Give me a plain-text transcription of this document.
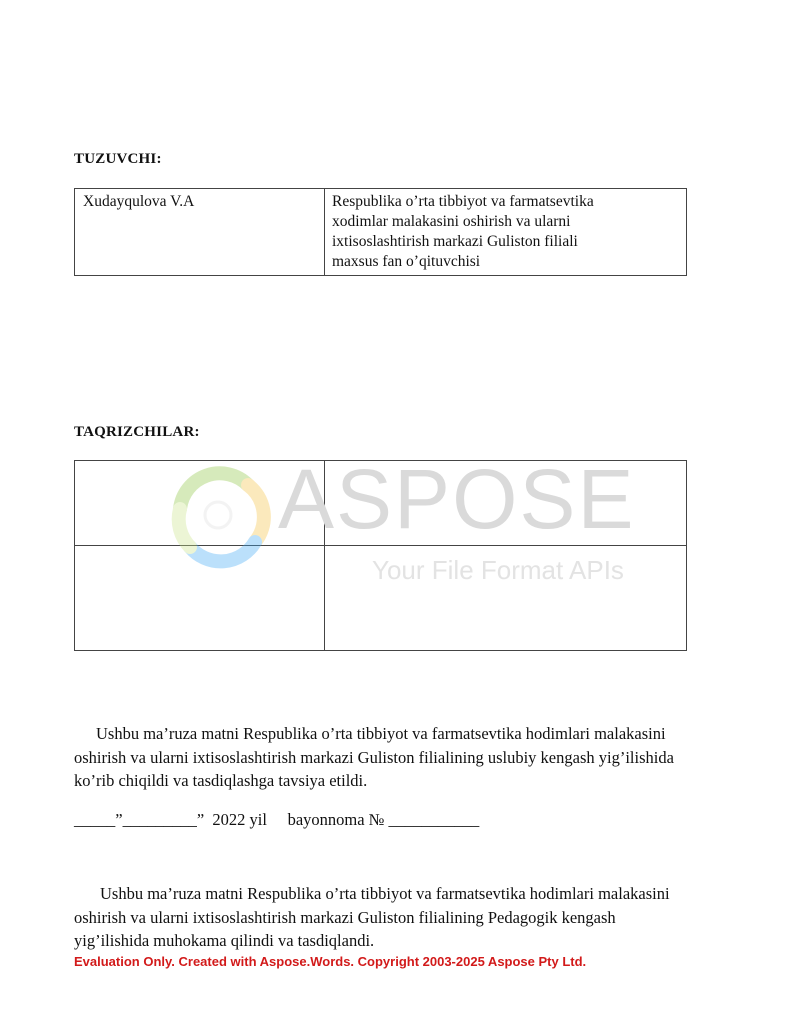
TUZUVCHI:
Xudayqulova V.A	Respublika o’rta tibbiyot va farmatsevtika
xodimlar malakasini oshirish va ularni
ixtisoslashtirish markazi Guliston filiali
maxsus fan o’qituvchisi
TAQRIZCHILAR:

ASPOSE
Your File Format APIs
Ushbu ma’ruza matni Respublika o’rta tibbiyot va farmatsevtika hodimlari malakasini
oshirish va ularni ixtisoslashtirish markazi Guliston filialining uslubiy kengash yig’ilishida
ko’rib chiqildi va tasdiqlashga tavsiya etildi.
_____”_________”  2022 yil     bayonnoma № ___________
Ushbu ma’ruza matni Respublika o’rta tibbiyot va farmatsevtika hodimlari malakasini
oshirish va ularni ixtisoslashtirish markazi Guliston filialining Pedagogik kengash
yig’ilishida muhokama qilindi va tasdiqlandi.
Evaluation Only. Created with Aspose.Words. Copyright 2003-2025 Aspose Pty Ltd.
